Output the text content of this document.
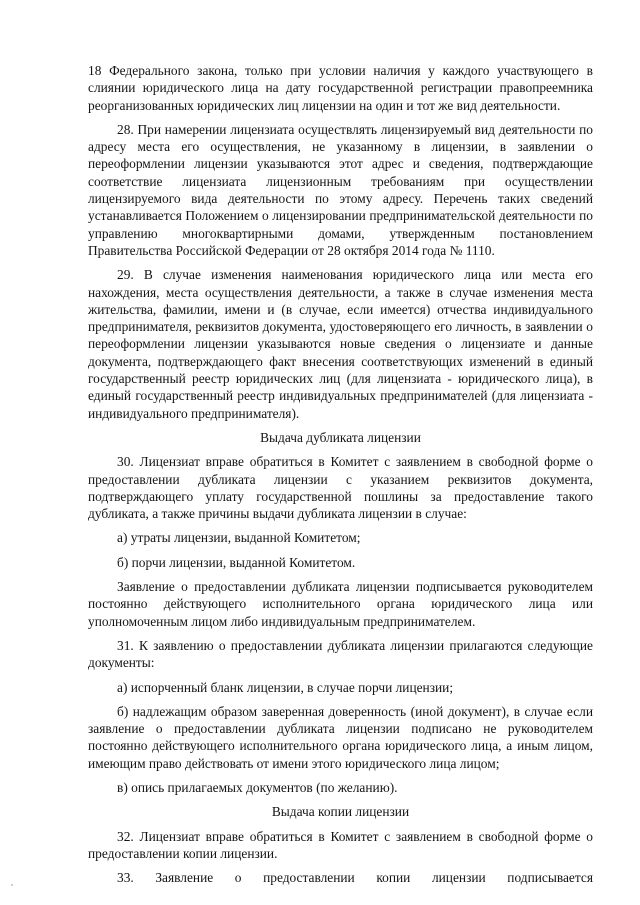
18 Федерального закона, только при условии наличия у каждого участвующего в слиянии юридического лица на дату государственной регистрации правопреемника реорганизованных юридических лиц лицензии на один и тот же вид деятельности.

28. При намерении лицензиата осуществлять лицензируемый вид деятельности по адресу места его осуществления, не указанному в лицензии, в заявлении о переоформлении лицензии указываются этот адрес и сведения, подтверждающие соответствие лицензиата лицензионным требованиям при осуществлении лицензируемого вида деятельности по этому адресу. Перечень таких сведений устанавливается Положением о лицензировании предпринимательской деятельности по управлению многоквартирными домами, утвержденным постановлением Правительства Российской Федерации от 28 октября 2014 года № 1110.

29. В случае изменения наименования юридического лица или места его нахождения, места осуществления деятельности, а также в случае изменения места жительства, фамилии, имени и (в случае, если имеется) отчества индивидуального предпринимателя, реквизитов документа, удостоверяющего его личность, в заявлении о переоформлении лицензии указываются новые сведения о лицензиате и данные документа, подтверждающего факт внесения соответствующих изменений в единый государственный реестр юридических лиц (для лицензиата - юридического лица), в единый государственный реестр индивидуальных предпринимателей (для лицензиата - индивидуального предпринимателя).

Выдача дубликата лицензии

30. Лицензиат вправе обратиться в Комитет с заявлением в свободной форме о предоставлении дубликата лицензии с указанием реквизитов документа, подтверждающего уплату государственной пошлины за предоставление такого дубликата, а также причины выдачи дубликата лицензии в случае:

а) утраты лицензии, выданной Комитетом;

б) порчи лицензии, выданной Комитетом.

Заявление о предоставлении дубликата лицензии подписывается руководителем постоянно действующего исполнительного органа юридического лица или уполномоченным лицом либо индивидуальным предпринимателем.

31. К заявлению о предоставлении дубликата лицензии прилагаются следующие документы:

а) испорченный бланк лицензии, в случае порчи лицензии;

б) надлежащим образом заверенная доверенность (иной документ), в случае если заявление о предоставлении дубликата лицензии подписано не руководителем постоянно действующего исполнительного органа юридического лица, а иным лицом, имеющим право действовать от имени этого юридического лица лицом;

в) опись прилагаемых документов (по желанию).

Выдача копии лицензии

32. Лицензиат вправе обратиться в Комитет с заявлением в свободной форме о предоставлении копии лицензии.

33. Заявление о предоставлении копии лицензии подписывается
